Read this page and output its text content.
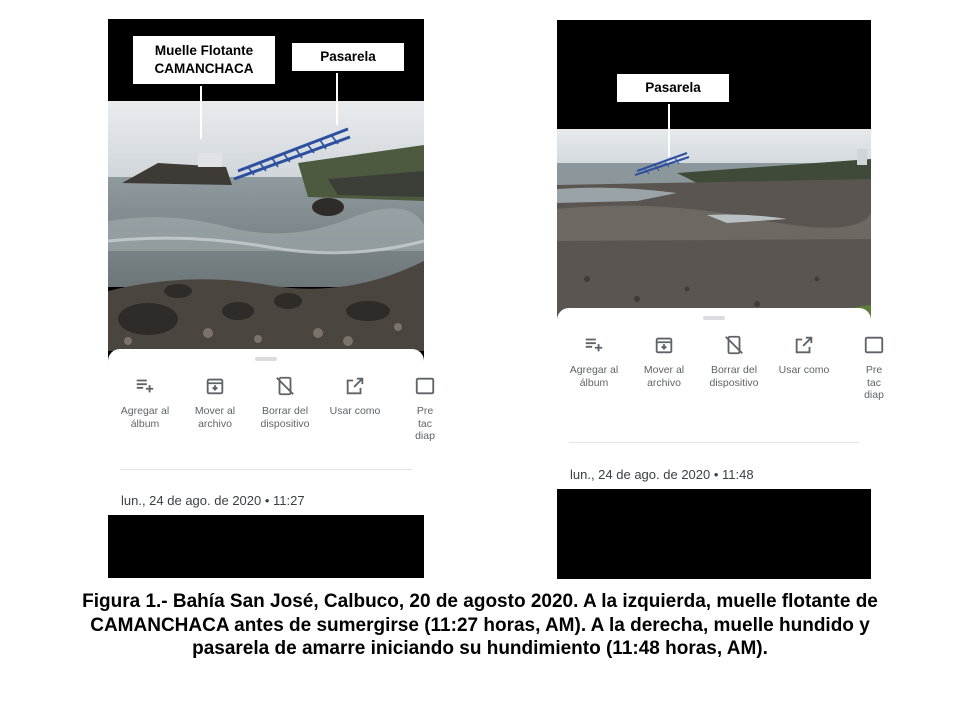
Muelle Flotante
CAMANCHACA
Pasarela
Agregar al
álbum
Mover al
archivo
Borrar del
dispositivo
Usar como	Pre
tac
diap
lun., 24 de ago. de 2020 • 11:27
Pasarela
Agregar al
álbum
Mover al
archivo
Borrar del
dispositivo
Usar como	Pre
tac
diap
lun., 24 de ago. de 2020 • 11:48
Figura 1.- Bahía San José, Calbuco, 20 de agosto 2020. A la izquierda, muelle flotante de CAMANCHACA antes de sumergirse (11:27 horas, AM). A la derecha, muelle hundido y pasarela de amarre iniciando su hundimiento (11:48 horas, AM).
